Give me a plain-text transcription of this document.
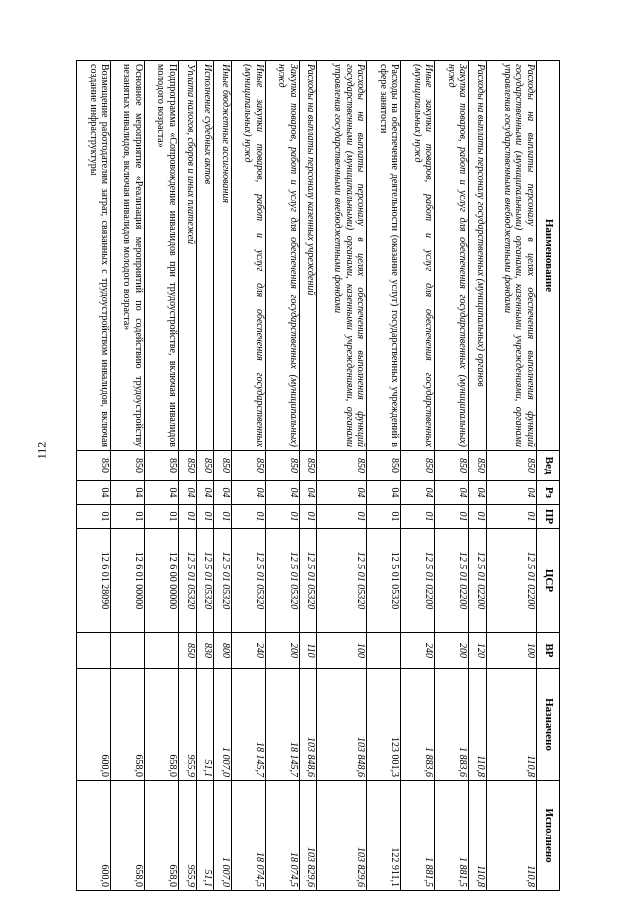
112
Наименование	Вед	Рз	ПР	ЦСР	ВР	Назначено	Исполнено
Расходы на выплаты персоналу в целях обеспечения выполнения функций государственными (муниципальными) органами, казенными учреждениями, органами управления государственными внебюджетными фондами	850	04	01	12 5 01 02200	100	110,8	110,8
Расходы на выплаты персоналу государственных (муниципальных) органов	850	04	01	12 5 01 02200	120	110,8	110,8
Закупка товаров, работ и услуг для обеспечения государственных (муниципальных) нужд	850	04	01	12 5 01 02200	200	1 883,6	1 881,5
Иные закупки товаров, работ и услуг для обеспечения государственных (муниципальных) нужд	850	04	01	12 5 01 02200	240	1 883,6	1 881,5
Расходы на обеспечение деятельности (оказание услуг) государственных учреждений в сфере занятости	850	04	01	12 5 01 05320		123 001,3	122 911,1
Расходы на выплаты персоналу в целях обеспечения выполнения функций государственными (муниципальными) органами, казенными учреждениями, органами управления государственными внебюджетными фондами	850	04	01	12 5 01 05320	100	103 848,6	103 829,6
Расходы на выплаты персоналу казенных учреждений	850	04	01	12 5 01 05320	110	103 848,6	103 829,6
Закупка товаров, работ и услуг для обеспечения государственных (муниципальных) нужд	850	04	01	12 5 01 05320	200	18 145,7	18 074,5
Иные закупки товаров, работ и услуг для обеспечения государственных (муниципальных) нужд	850	04	01	12 5 01 05320	240	18 145,7	18 074,5
Иные бюджетные ассигнования	850	04	01	12 5 01 05320	800	1 007,0	1 007,0
Исполнение судебных актов	850	04	01	12 5 01 05320	830	51,1	51,1
Уплата налогов, сборов и иных платежей	850	04	01	12 5 01 05320	850	955,9	955,9
Подпрограмма «Сопровождение инвалидов при трудоустройстве, включая инвалидов молодого возраста»	850	04	01	12 6 00 00000		658,0	658,0
Основное мероприятие «Реализация мероприятий по содействию трудоустройству незанятых инвалидов, включая инвалидов молодого возраста»	850	04	01	12 6 01 00000		658,0	658,0
Возмещение работодателям затрат, связанных с трудоустройством инвалидов, включая создание инфраструктуры	850	04	01	12 6 01 28090		600,0	600,0
